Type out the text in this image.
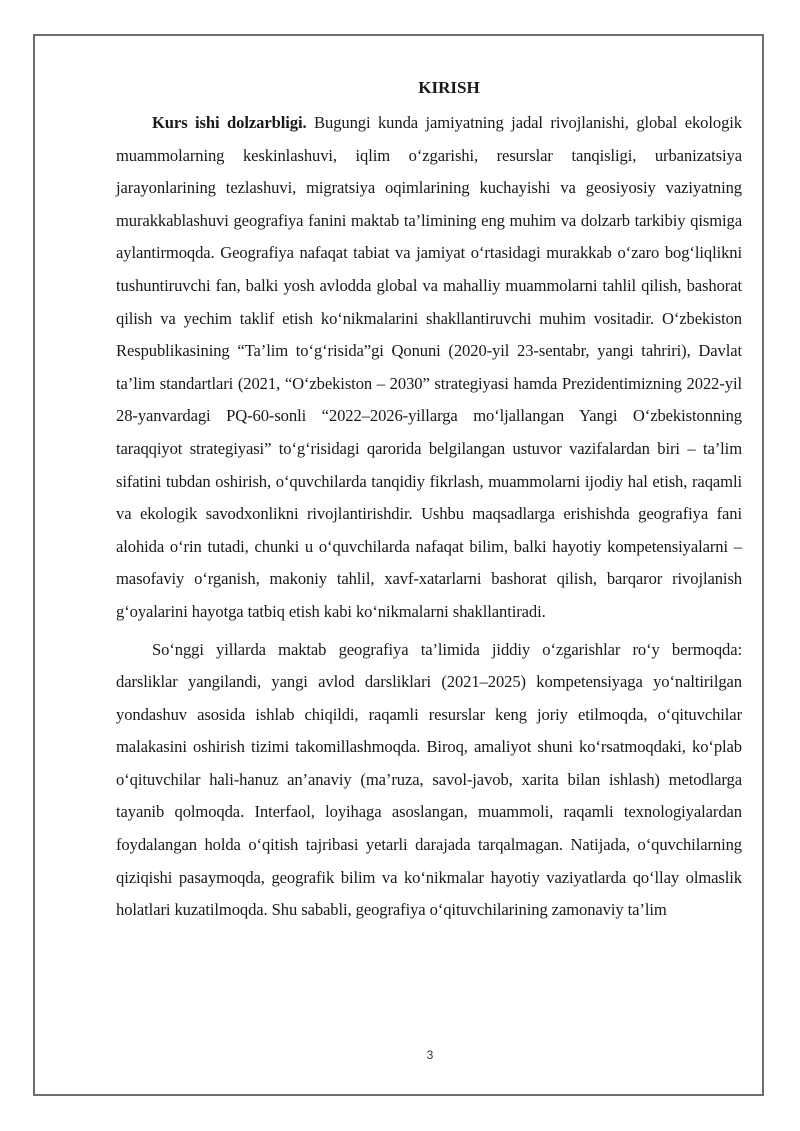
KIRISH

Kurs ishi dolzarbligi. Bugungi kunda jamiyatning jadal rivojlanishi, global ekologik muammolarning keskinlashuvi, iqlim o‘zgarishi, resurslar tanqisligi, urbanizatsiya jarayonlarining tezlashuvi, migratsiya oqimlarining kuchayishi va geosiyosiy vaziyatning murakkablashuvi geografiya fanini maktab ta’limining eng muhim va dolzarb tarkibiy qismiga aylantirmoqda. Geografiya nafaqat tabiat va jamiyat o‘rtasidagi murakkab o‘zaro bog‘liqlikni tushuntiruvchi fan, balki yosh avlodda global va mahalliy muammolarni tahlil qilish, bashorat qilish va yechim taklif etish ko‘nikmalarini shakllantiruvchi muhim vositadir. O‘zbekiston Respublikasining “Ta’lim to‘g‘risida”gi Qonuni (2020-yil 23-sentabr, yangi tahriri), Davlat ta’lim standartlari (2021, “O‘zbekiston – 2030” strategiyasi hamda Prezidentimizning 2022-yil 28-yanvardagi PQ-60-sonli “2022–2026-yillarga mo‘ljallangan Yangi O‘zbekistonning taraqqiyot strategiyasi” to‘g‘risidagi qarorida belgilangan ustuvor vazifalardan biri – ta’lim sifatini tubdan oshirish, o‘quvchilarda tanqidiy fikrlash, muammolarni ijodiy hal etish, raqamli va ekologik savodxonlikni rivojlantirishdir. Ushbu maqsadlarga erishishda geografiya fani alohida o‘rin tutadi, chunki u o‘quvchilarda nafaqat bilim, balki hayotiy kompetensiyalarni – masofaviy o‘rganish, makoniy tahlil, xavf-xatarlarni bashorat qilish, barqaror rivojlanish g‘oyalarini hayotga tatbiq etish kabi ko‘nikmalarni shakllantiradi.

So‘nggi yillarda maktab geografiya ta’limida jiddiy o‘zgarishlar ro‘y bermoqda: darsliklar yangilandi, yangi avlod darsliklari (2021–2025) kompetensiyaga yo‘naltirilgan yondashuv asosida ishlab chiqildi, raqamli resurslar keng joriy etilmoqda, o‘qituvchilar malakasini oshirish tizimi takomillashmoqda. Biroq, amaliyot shuni ko‘rsatmoqdaki, ko‘plab o‘qituvchilar hali-hanuz an’anaviy (ma’ruza, savol-javob, xarita bilan ishlash) metodlarga tayanib qolmoqda. Interfaol, loyihaga asoslangan, muammoli, raqamli texnologiyalardan foydalangan holda o‘qitish tajribasi yetarli darajada tarqalmagan. Natijada, o‘quvchilarning qiziqishi pasaymoqda, geografik bilim va ko‘nikmalar hayotiy vaziyatlarda qo‘llay olmaslik holatlari kuzatilmoqda. Shu sababli, geografiya o‘qituvchilarining zamonaviy ta’lim

3
